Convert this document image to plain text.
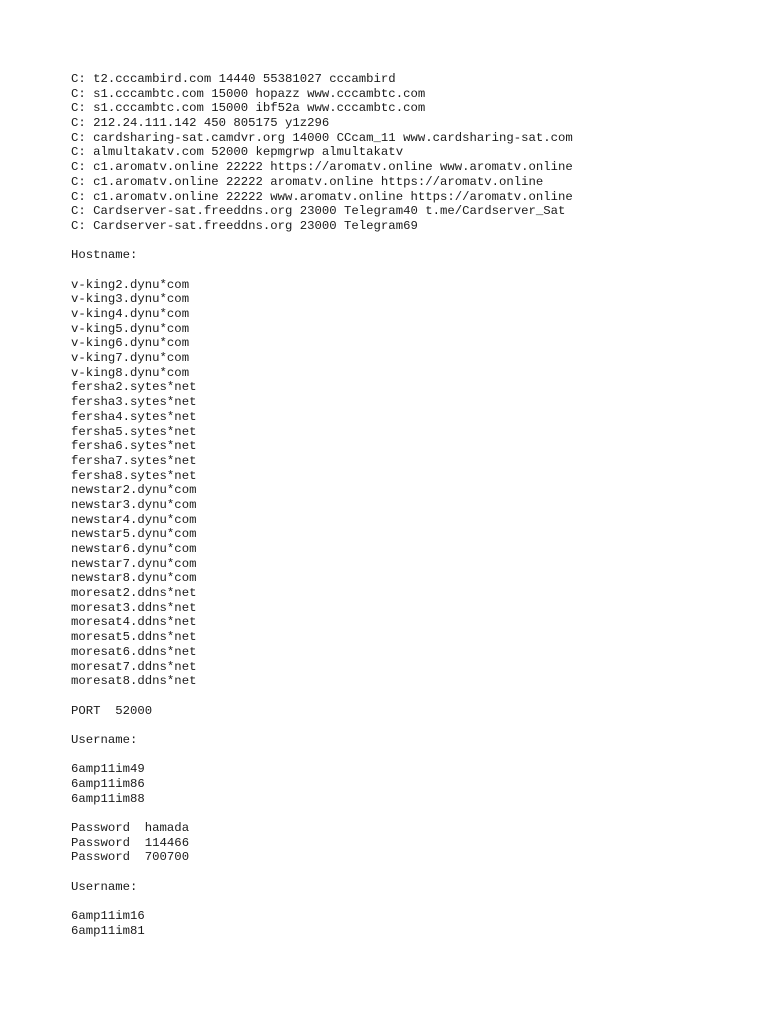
C: t2.cccambird.com 14440 55381027 cccambird
C: s1.cccambtc.com 15000 hopazz www.cccambtc.com
C: s1.cccambtc.com 15000 ibf52a www.cccambtc.com
C: 212.24.111.142 450 805175 y1z296
C: cardsharing-sat.camdvr.org 14000 CCcam_11 www.cardsharing-sat.com
C: almultakatv.com 52000 kepmgrwp almultakatv
C: c1.aromatv.online 22222 https://aromatv.online www.aromatv.online
C: c1.aromatv.online 22222 aromatv.online https://aromatv.online
C: c1.aromatv.online 22222 www.aromatv.online https://aromatv.online
C: Cardserver-sat.freeddns.org 23000 Telegram40 t.me/Cardserver_Sat
C: Cardserver-sat.freeddns.org 23000 Telegram69
Hostname:
v-king2.dynu*com
v-king3.dynu*com
v-king4.dynu*com
v-king5.dynu*com
v-king6.dynu*com
v-king7.dynu*com
v-king8.dynu*com
fersha2.sytes*net
fersha3.sytes*net
fersha4.sytes*net
fersha5.sytes*net
fersha6.sytes*net
fersha7.sytes*net
fersha8.sytes*net
newstar2.dynu*com
newstar3.dynu*com
newstar4.dynu*com
newstar5.dynu*com
newstar6.dynu*com
newstar7.dynu*com
newstar8.dynu*com
moresat2.ddns*net
moresat3.ddns*net
moresat4.ddns*net
moresat5.ddns*net
moresat6.ddns*net
moresat7.ddns*net
moresat8.ddns*net
PORT  52000
Username:
6amp11im49
6amp11im86
6amp11im88
Password  hamada
Password  114466
Password  700700
Username:
6amp11im16
6amp11im81
